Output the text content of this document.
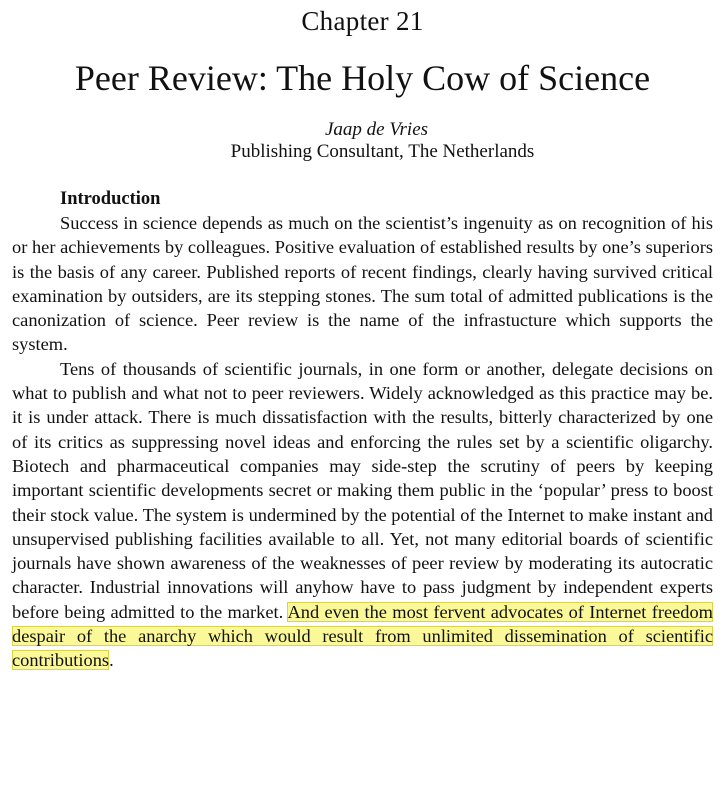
Chapter 21
Peer Review: The Holy Cow of Science
Jaap de Vries
Publishing Consultant, The Netherlands
Introduction

Success in science depends as much on the scientist’s ingenuity as on recognition of his or her achievements by colleagues. Positive evaluation of established results by one’s superiors is the basis of any career. Published reports of recent findings, clearly having survived critical examination by outsiders, are its stepping stones. The sum total of admitted publications is the canonization of science. Peer review is the name of the infrastucture which supports the system.

Tens of thousands of scientific journals, in one form or another, delegate decisions on what to publish and what not to peer reviewers. Widely acknowledged as this practice may be. it is under attack. There is much dissatisfaction with the results, bitterly characterized by one of its critics as suppressing novel ideas and enforcing the rules set by a scientific oligarchy. Biotech and pharmaceutical companies may side-step the scrutiny of peers by keeping important scientific developments secret or making them public in the ‘popular’ press to boost their stock value. The system is undermined by the potential of the Internet to make instant and unsupervised publishing facilities available to all. Yet, not many editorial boards of scientific journals have shown awareness of the weaknesses of peer review by moderating its autocratic character. Industrial innovations will anyhow have to pass judgment by independent experts before being admitted to the market. And even the most fervent advocates of Internet freedom despair of the anarchy which would result from unlimited dissemination of scientific contributions.
